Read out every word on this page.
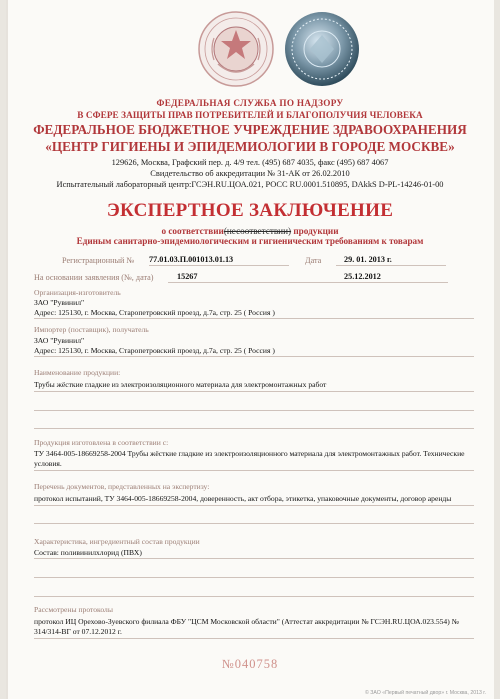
ФЕДЕРАЛЬНАЯ СЛУЖБА ПО НАДЗОРУ
В СФЕРЕ ЗАЩИТЫ ПРАВ ПОТРЕБИТЕЛЕЙ И БЛАГОПОЛУЧИЯ ЧЕЛОВЕКА
ФЕДЕРАЛЬНОЕ БЮДЖЕТНОЕ УЧРЕЖДЕНИЕ ЗДРАВООХРАНЕНИЯ
«ЦЕНТР ГИГИЕНЫ И ЭПИДЕМИОЛОГИИ В ГОРОДЕ МОСКВЕ»
129626, Москва, Графский пер. д. 4/9 тел. (495) 687 4035, факс (495) 687 4067
Свидетельство об аккредитации № 31-АК от 26.02.2010
Испытательный лабораторный центр:ГСЭН.RU.ЦОА.021, РОСС RU.0001.510895, DAkkS D-PL-14246-01-00
ЭКСПЕРТНОЕ ЗАКЛЮЧЕНИЕ
о соответствии(несоответствии) продукции
Единым санитарно-эпидемиологическим и гигиеническим требованиям к товарам
Регистрационный № 77.01.03.П.001013.01.13	Дата	29. 01. 2013 г.
На основании заявления (№, дата)	15267	25.12.2012
Организация-изготовитель
ЗАО "Рувинил"
Адрес: 125130, г. Москва, Старопетровский проезд, д.7а, стр. 25 ( Россия )
Импортер (поставщик), получатель
ЗАО "Рувинил"
Адрес: 125130, г. Москва, Старопетровский проезд, д.7а, стр. 25 ( Россия )
Наименование продукции:
Трубы жёсткие гладкие из электроизоляционного материала для электромонтажных работ
Продукция изготовлена в соответствии с:
ТУ 3464-005-18669258-2004 Трубы жёсткие гладкие из электроизоляционного материала для электромонтажных работ. Технические условия.
Перечень документов, представленных на экспертизу:
протокол испытаний, ТУ 3464-005-18669258-2004, доверенность, акт отбора, этикетка, упаковочные документы, договор аренды
Характеристика, ингредиентный состав продукции
Состав: поливинилхлорид (ПВХ)
Рассмотрены протоколы
протокол ИЦ Орехово-Зуевского филиала ФБУ "ЦСМ Московской области" (Аттестат аккредитации № ГСЭН.RU.ЦОА.023.554) № 314/314-ВГ от 07.12.2012 г.
№040758
© ЗАО «Первый печатный двор» г. Москва, 2013 г.
